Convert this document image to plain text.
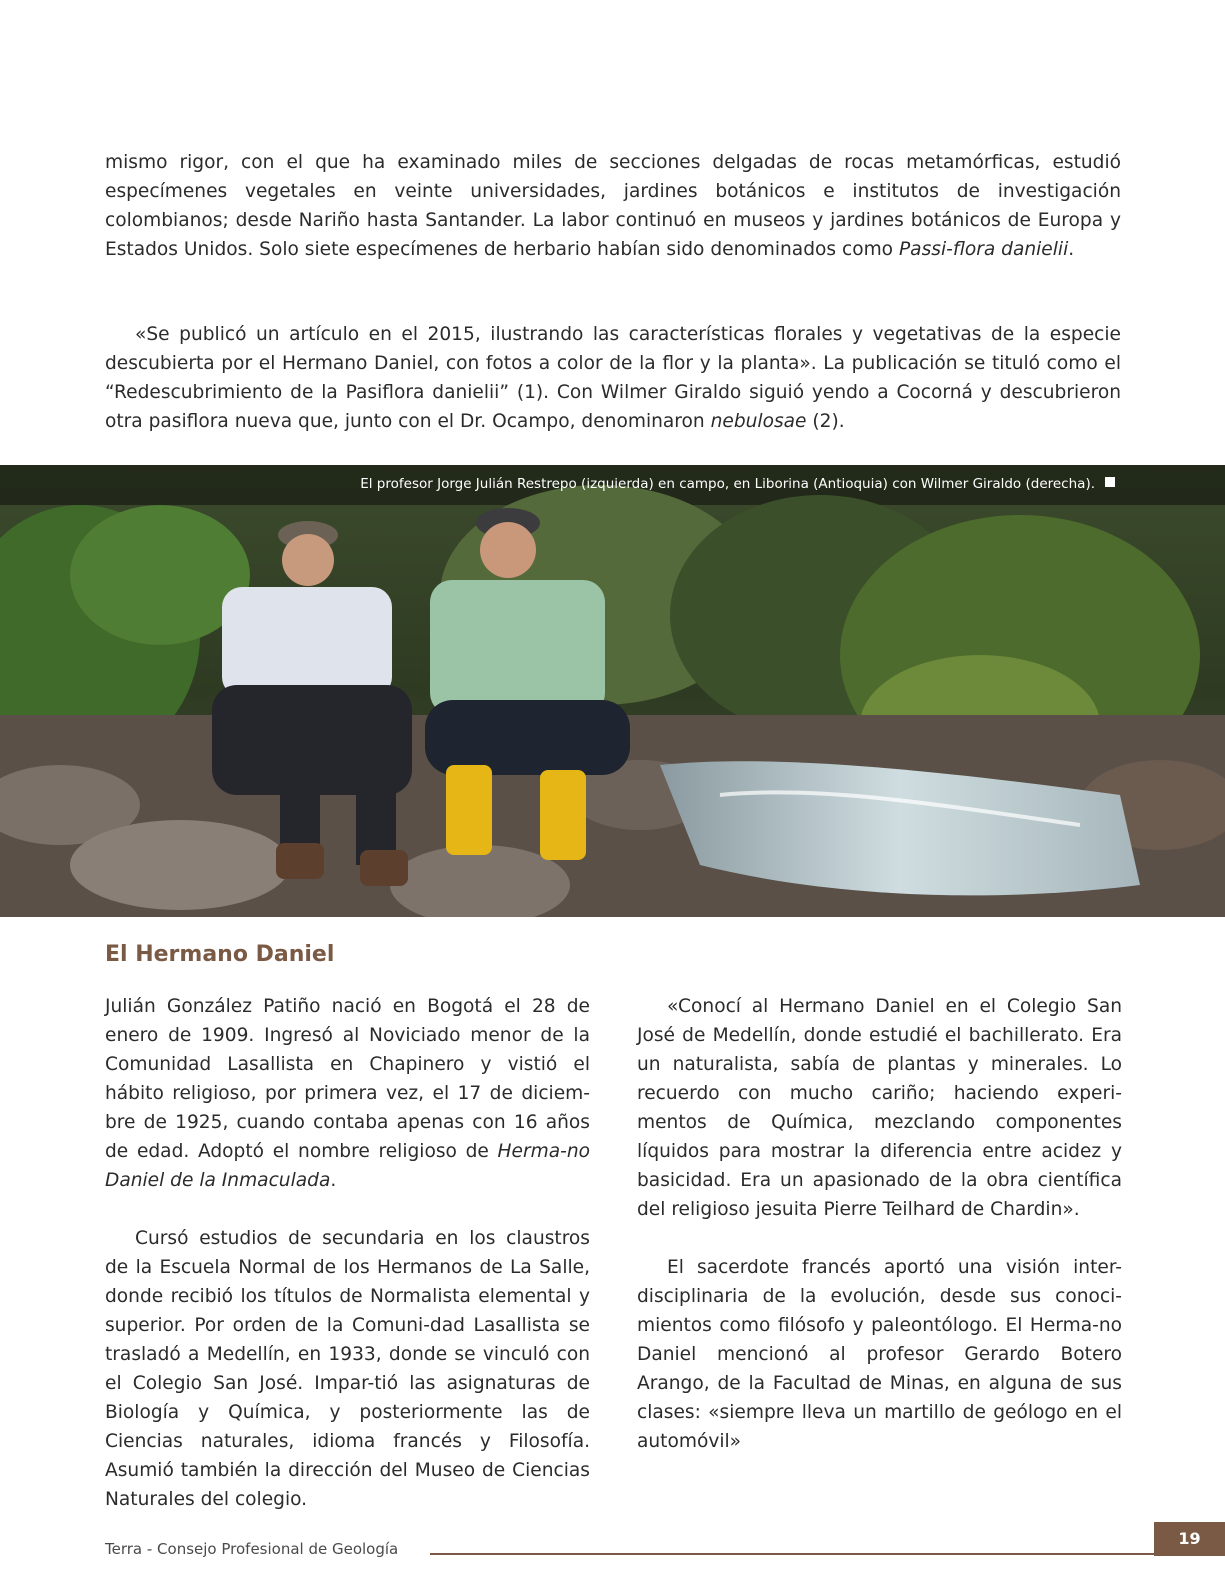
mismo rigor, con el que ha examinado miles de secciones delgadas de rocas metamórficas, estudió especímenes vegetales en veinte universidades, jardines botánicos e institutos de investigación colombianos; desde Nariño hasta Santander. La labor continuó en museos y jardines botánicos de Europa y Estados Unidos. Solo siete especímenes de herbario habían sido denominados como Passi-flora danielii.

«Se publicó un artículo en el 2015, ilustrando las características florales y vegetativas de la especie descubierta por el Hermano Daniel, con fotos a color de la flor y la planta». La publicación se tituló como el “Redescubrimiento de la Pasiflora danielii” (1). Con Wilmer Giraldo siguió yendo a Cocorná y descubrieron otra pasiflora nueva que, junto con el Dr. Ocampo, denominaron nebulosae (2).

El profesor Jorge Julián Restrepo (izquierda) en campo, en Liborina (Antioquia) con Wilmer Giraldo (derecha).
El Hermano Daniel

Julián González Patiño nació en Bogotá el 28 de enero de 1909. Ingresó al Noviciado menor de la Comunidad Lasallista en Chapinero y vistió el hábito religioso, por primera vez, el 17 de diciem-bre de 1925, cuando contaba apenas con 16 años de edad. Adoptó el nombre religioso de Herma-no Daniel de la Inmaculada.

Cursó estudios de secundaria en los claustros de la Escuela Normal de los Hermanos de La Salle, donde recibió los títulos de Normalista elemental y superior. Por orden de la Comuni-dad Lasallista se trasladó a Medellín, en 1933, donde se vinculó con el Colegio San José. Impar-tió las asignaturas de Biología y Química, y posteriormente las de Ciencias naturales, idioma francés y Filosofía. Asumió también la dirección del Museo de Ciencias Naturales del colegio.

«Conocí al Hermano Daniel en el Colegio San José de Medellín, donde estudié el bachillerato. Era un naturalista, sabía de plantas y minerales. Lo recuerdo con mucho cariño; haciendo experi-mentos de Química, mezclando componentes líquidos para mostrar la diferencia entre acidez y basicidad. Era un apasionado de la obra científica del religioso jesuita Pierre Teilhard de Chardin».

El sacerdote francés aportó una visión inter-disciplinaria de la evolución, desde sus conoci-mientos como filósofo y paleontólogo. El Herma-no Daniel mencionó al profesor Gerardo Botero Arango, de la Facultad de Minas, en alguna de sus clases: «siempre lleva un martillo de geólogo en el automóvil»

Terra - Consejo Profesional de Geología
19
